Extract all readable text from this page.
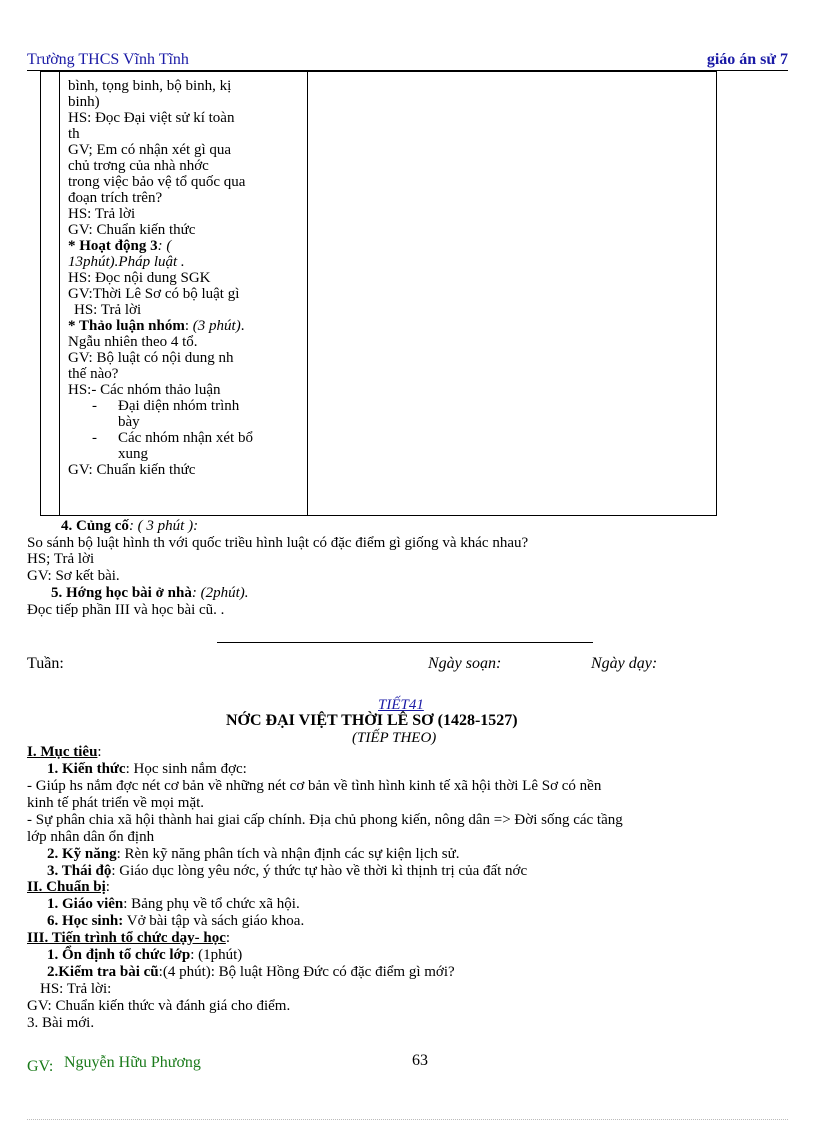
Trường THCS Vĩnh Tĩnh	giáo án sử 7
bình, tọng binh, bộ binh, kị
binh)
HS: Đọc Đại việt sử kí toàn
th
GV; Em có nhận xét gì qua
chủ trơng của nhà nhớc
trong việc bảo vệ tổ quốc qua
đoạn trích trên?
HS: Trả lời
GV: Chuẩn kiến thức
* Hoạt động 3: (
13phút).Pháp luật .
HS: Đọc nội dung SGK
GV:Thời Lê Sơ có bộ luật gì
HS: Trả lời
* Thảo luận nhóm: (3 phút).
Ngẫu nhiên theo 4 tổ.
GV: Bộ luật có nội dung nh
thế nào?
HS:- Các nhóm thảo luận
- Đại diện nhóm trình
bày
- Các nhóm nhận xét bổ
xung
GV: Chuẩn kiến thức
4. Củng cố: ( 3 phút ):
So sánh bộ luật hình th với quốc triều hình luật có đặc điểm gì giống và khác nhau?
HS; Trả lời
GV: Sơ kết bài.
5. Hớng học bài ở nhà: (2phút).
Đọc tiếp phần III và học bài cũ. .
Tuần:	Ngày soạn:	Ngày dạy:
TIẾT41
NỚC ĐẠI VIỆT THỜI LÊ SƠ (1428-1527)
(TIẾP THEO)
I. Mục tiêu:
1. Kiến thức: Học sinh nắm đợc:
- Giúp hs nắm đợc nét cơ bản về những nét cơ bản về tình hình kinh tế xã hội thời Lê Sơ có nền
kinh tế phát triển về mọi mặt.
- Sự phân chia xã hội thành hai giai cấp chính. Địa chủ phong kiến, nông dân => Đời sống các tầng
lớp nhân dân ổn định
2. Kỹ năng: Rèn kỹ năng phân tích và nhận định các sự kiện lịch sử.
3. Thái độ: Giáo dục lòng yêu nớc, ý thức tự hào về thời kì thịnh trị của đất nớc
II. Chuẩn bị:
1. Giáo viên: Bảng phụ về tổ chức xã hội.
6. Học sinh: Vở bài tập và sách giáo khoa.
III. Tiến trình tổ chức dạy- học:
1. Ổn định tổ chức lớp: (1phút)
2.Kiểm tra bài cũ:(4 phút): Bộ luật Hồng Đức có đặc điểm gì mới?
HS: Trả lời:
GV: Chuẩn kiến thức và đánh giá cho điểm.
3. Bài mới.
GV: Nguyễn Hữu Phương	63
